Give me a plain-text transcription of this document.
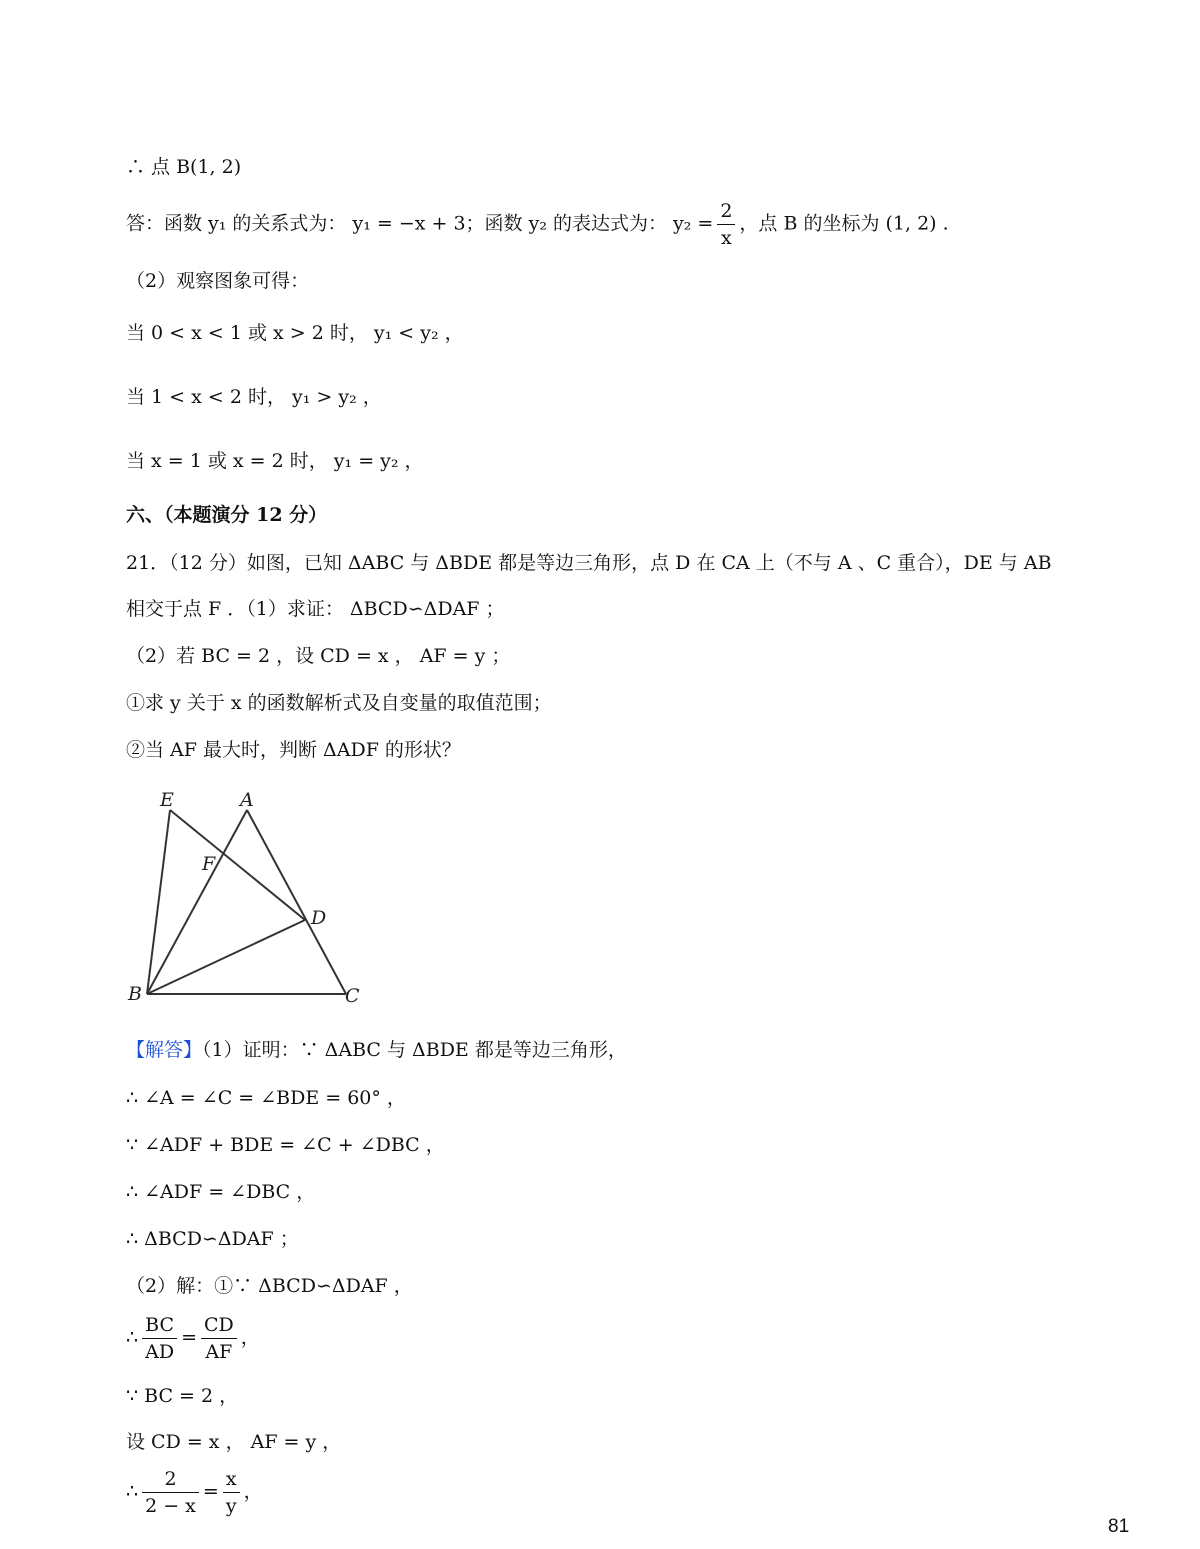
∴ 点 B(1, 2)
答：函数 y₁ 的关系式为： y₁ = −x + 3；函数 y₂ 的表达式为： $y_2 = \frac{2}{x}$ ，点 B 的坐标为 (1, 2) .
（2）观察图象可得：
当 0 < x < 1 或 x > 2 时， y₁ < y₂ ，
当 1 < x < 2 时， y₁ > y₂ ，
当 x = 1 或 x = 2 时， y₁ = y₂ ，
六、（本题演分 12 分）
21．（12 分）如图，已知 ΔABC 与 ΔBDE 都是等边三角形，点 D 在 CA 上（不与 A 、C 重合），DE 与 AB
相交于点 F ．（1）求证： ΔBCD∽ΔDAF ；
（2）若 BC = 2 ，设 CD = x ， AF = y ；
①求 y 关于 x 的函数解析式及自变量的取值范围；
②当 AF 最大时，判断 ΔADF 的形状？
E	A
F
D
B	C
【解答】（1）证明：∵ ΔABC 与 ΔBDE 都是等边三角形，
∴ ∠A = ∠C = ∠BDE = 60° ，
∵ ∠ADF + BDE = ∠C + ∠DBC ，
∴ ∠ADF = ∠DBC ，
∴ ΔBCD∽ΔDAF ；
（2）解：①∵ ΔBCD∽ΔDAF ，
∴ $\frac{BC}{AD} = \frac{CD}{AF}$ ，
∵ BC = 2 ，
设 CD = x ， AF = y ，
∴ $\frac{2}{2 - x} = \frac{x}{y}$ ，
81
